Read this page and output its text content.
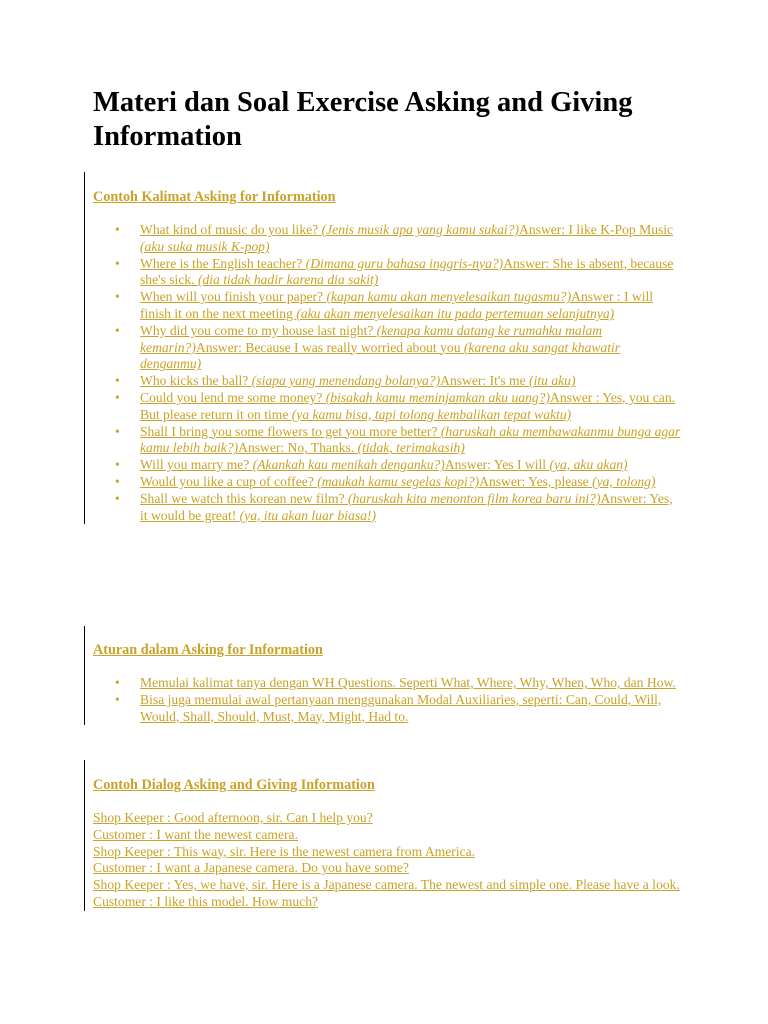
Materi dan Soal Exercise Asking and Giving Information

Contoh Kalimat Asking for Information

• What kind of music do you like? (Jenis musik apa yang kamu sukai?)Answer: I like K-Pop Music (aku suka musik K-pop)
• Where is the English teacher? (Dimana guru bahasa inggris-nya?)Answer: She is absent, because she's sick. (dia tidak hadir karena dia sakit)
• When will you finish your paper? (kapan kamu akan menyelesaikan tugasmu?)Answer : I will finish it on the next meeting (aku akan menyelesaikan itu pada pertemuan selanjutnya)
• Why did you come to my house last night? (kenapa kamu datang ke rumahku malam kemarin?)Answer: Because I was really worried about you (karena aku sangat khawatir denganmu)
• Who kicks the ball? (siapa yang menendang bolanya?)Answer: It's me (itu aku)
• Could you lend me some money? (bisakah kamu meminjamkan aku uang?)Answer : Yes, you can. But please return it on time (ya kamu bisa, tapi tolong kembalikan tepat waktu)
• Shall I bring you some flowers to get you more better? (haruskah aku membawakanmu bunga agar kamu lebih baik?)Answer: No, Thanks. (tidak, terimakasih)
• Will you marry me? (Akankah kau menikah denganku?)Answer: Yes I will (ya, aku akan)
• Would you like a cup of coffee? (maukah kamu segelas kopi?)Answer: Yes, please (ya, tolong)
• Shall we watch this korean new film? (haruskah kita menonton film korea baru ini?)Answer: Yes, it would be great! (ya, itu akan luar biasa!)

Aturan dalam Asking for Information

• Memulai kalimat tanya dengan WH Questions. Seperti What, Where, Why, When, Who, dan How.
• Bisa juga memulai awal pertanyaan menggunakan Modal Auxiliaries, seperti: Can, Could, Will, Would, Shall, Should, Must, May, Might, Had to.

Contoh Dialog Asking and Giving Information

Shop Keeper : Good afternoon, sir. Can I help you?
Customer : I want the newest camera.
Shop Keeper : This way, sir. Here is the newest camera from America.
Customer : I want a Japanese camera. Do you have some?
Shop Keeper : Yes, we have, sir. Here is a Japanese camera. The newest and simple one. Please have a look.
Customer : I like this model. How much?
